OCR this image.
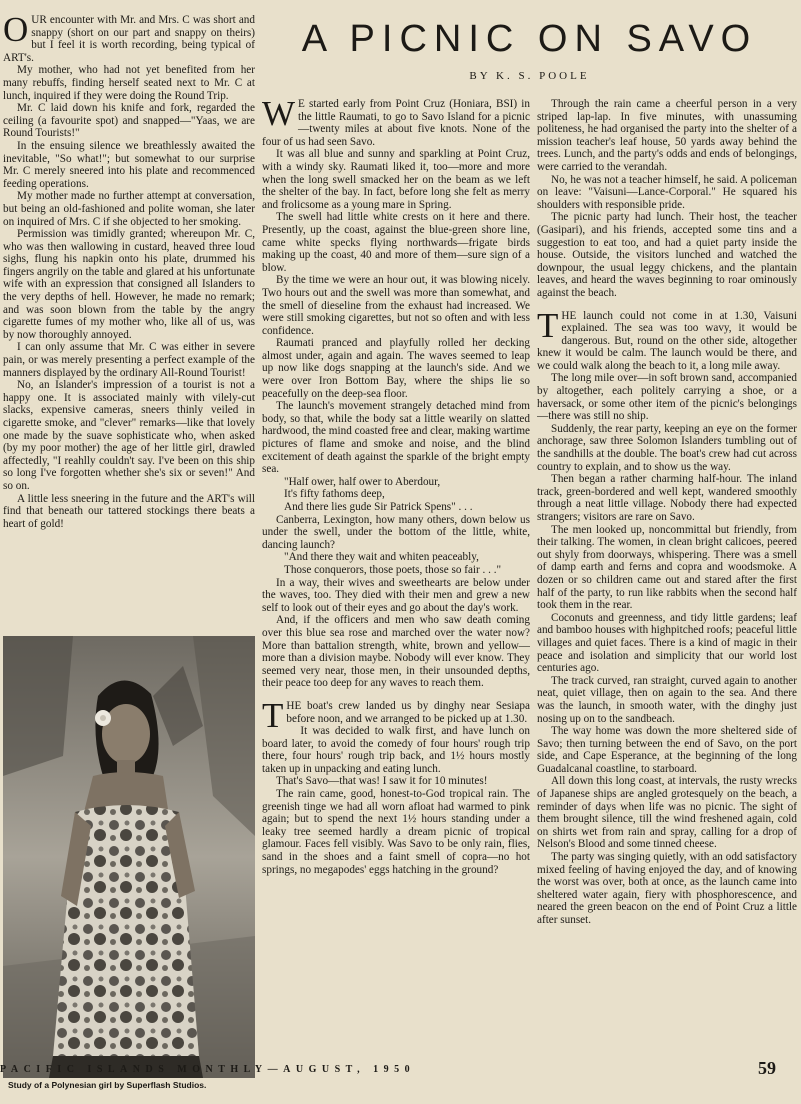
OUR encounter with Mr. and Mrs. C was short and snappy (short on our part and snappy on theirs) but I feel it is worth recording, being typical of ART's.

My mother, who had not yet benefited from her many rebuffs, finding herself seated next to Mr. C at lunch, inquired if they were doing the Round Trip.

Mr. C laid down his knife and fork, regarded the ceiling (a favourite spot) and snapped—"Yaas, we are Round Tourists!"

In the ensuing silence we breathlessly awaited the inevitable, "So what!"; but somewhat to our surprise Mr. C merely sneered into his plate and recommenced feeding operations.

My mother made no further attempt at conversation, but being an old-fashioned and polite woman, she later on inquired of Mrs. C if she objected to her smoking.

Permission was timidly granted; whereupon Mr. C, who was then wallowing in custard, heaved three loud sighs, flung his napkin onto his plate, drummed his fingers angrily on the table and glared at his unfortunate wife with an expression that consigned all Islanders to the very depths of hell. However, he made no remark; and was soon blown from the table by the angry cigarette fumes of my mother who, like all of us, was by now thoroughly annoyed.

I can only assume that Mr. C was either in severe pain, or was merely presenting a perfect example of the manners displayed by the ordinary All-Round Tourist!

No, an Islander's impression of a tourist is not a happy one. It is associated mainly with vilely-cut slacks, expensive cameras, sneers thinly veiled in cigarette smoke, and "clever" remarks—like that lovely one made by the suave sophisticate who, when asked (by my poor mother) the age of her little girl, drawled affectedly, "I reahlly couldn't say. I've been on this ship so long I've forgotten whether she's six or seven!" And so on.

A little less sneering in the future and the ART's will find that beneath our tattered stockings there beats a heart of gold!

A PICNIC ON SAVO
BY K. S. POOLE

W E started early from Point Cruz (Honiara, BSI) in the little Raumati, to go to Savo Island for a picnic—twenty miles at about five knots. None of the four of us had seen Savo.

It was all blue and sunny and sparkling at Point Cruz, with a windy sky. Raumati liked it, too—more and more when the long swell smacked her on the beam as we left the shelter of the bay. In fact, before long she felt as merry and frolicsome as a young mare in Spring.

The swell had little white crests on it here and there. Presently, up the coast, against the blue-green shore line, came white specks flying northwards—frigate birds making up the coast, 40 and more of them—sure sign of a blow.

By the time we were an hour out, it was blowing nicely. Two hours out and the swell was more than somewhat, and the smell of dieseline from the exhaust had increased. We were still smoking cigarettes, but not so often and with less confidence.

Raumati pranced and playfully rolled her decking almost under, again and again. The waves seemed to leap up now like dogs snapping at the launch's side. And we were over Iron Bottom Bay, where the ships lie so peacefully on the deep-sea floor.

The launch's movement strangely detached mind from body, so that, while the body sat a little wearily on slatted hardwood, the mind coasted free and clear, making wartime pictures of flame and smoke and noise, and the blind excitement of death against the sparkle of the bright empty sea.

"Half ower, half ower to Aberdour,

It's fifty fathoms deep,

And there lies gude Sir Patrick Spens" . . .

Canberra, Lexington, how many others, down below us under the swell, under the bottom of the little, white, dancing launch?

"And there they wait and whiten peaceably,

Those conquerors, those poets, those so fair . . ."

In a way, their wives and sweethearts are below under the waves, too. They died with their men and grew a new self to look out of their eyes and go about the day's work.

And, if the officers and men who saw death coming over this blue sea rose and marched over the water now? More than battalion strength, white, brown and yellow—more than a division maybe. Nobody will ever know. They seemed very near, those men, in their unsounded depths, their peace too deep for any waves to reach them.

THE boat's crew landed us by dinghy near Sesiapa before noon, and we arranged to be picked up at 1.30.

It was decided to walk first, and have lunch on board later, to avoid the comedy of four hours' rough trip there, four hours' rough trip back, and 1½ hours mostly taken up in unpacking and eating lunch.

That's Savo—that was! I saw it for 10 minutes!

The rain came, good, honest-to-God tropical rain. The greenish tinge we had all worn afloat had warmed to pink again; but to spend the next 1½ hours standing under a leaky tree seemed hardly a dream picnic of tropical glamour. Faces fell visibly. Was Savo to be only rain, flies, sand in the shoes and a faint smell of copra—no hot springs, no megapodes' eggs hatching in the ground?

Through the rain came a cheerful person in a very striped lap-lap. In five minutes, with unassuming politeness, he had organised the party into the shelter of a mission teacher's leaf house, 50 yards away behind the trees. Lunch, and the party's odds and ends of belongings, were carried to the verandah.

No, he was not a teacher himself, he said. A policeman on leave: "Vaisuni—Lance-Corporal." He squared his shoulders with responsible pride.

The picnic party had lunch. Their host, the teacher (Gasipari), and his friends, accepted some tins and a suggestion to eat too, and had a quiet party inside the house. Outside, the visitors lunched and watched the downpour, the usual leggy chickens, and the plantain leaves, and heard the waves beginning to roar ominously against the beach.

THE launch could not come in at 1.30, Vaisuni explained. The sea was too wavy, it would be dangerous. But, round on the other side, altogether knew it would be calm. The launch would be there, and we could walk along the beach to it, a long mile away.

The long mile over—in soft brown sand, accompanied by altogether, each politely carrying a shoe, or a haversack, or some other item of the picnic's belongings—there was still no ship.

Suddenly, the rear party, keeping an eye on the former anchorage, saw three Solomon Islanders tumbling out of the sandhills at the double. The boat's crew had cut across country to explain, and to show us the way.

Then began a rather charming half-hour. The inland track, green-bordered and well kept, wandered smoothly through a neat little village. Nobody there had expected strangers; visitors are rare on Savo.

The men looked up, noncommittal but friendly, from their talking. The women, in clean bright calicoes, peered out shyly from doorways, whispering. There was a smell of damp earth and ferns and copra and woodsmoke. A dozen or so children came out and stared after the first half of the party, to run like rabbits when the second half took them in the rear.

Coconuts and greenness, and tidy little gardens; leaf and bamboo houses with highpitched roofs; peaceful little villages and quiet faces. There is a kind of magic in their peace and isolation and simplicity that our world lost centuries ago.

The track curved, ran straight, curved again to another neat, quiet village, then on again to the sea. And there was the launch, in smooth water, with the dinghy just nosing up on to the sandbeach.

The way home was down the more sheltered side of Savo; then turning between the end of Savo, on the port side, and Cape Esperance, at the beginning of the long Guadalcanal coastline, to starboard.

All down this long coast, at intervals, the rusty wrecks of Japanese ships are angled grotesquely on the beach, a reminder of days when life was no picnic. The sight of them brought silence, till the wind freshened again, cold on shirts wet from rain and spray, calling for a drop of Nelson's Blood and some tinned cheese.

The party was singing quietly, with an odd satisfactory mixed feeling of having enjoyed the day, and of knowing the worst was over, both at once, as the launch came into sheltered water again, fiery with phosphorescence, and neared the green beacon on the end of Point Cruz a little after sunset.

Study of a Polynesian girl by Superflash Studios.
PACIFIC ISLANDS MONTHLY—AUGUST, 1950	59
